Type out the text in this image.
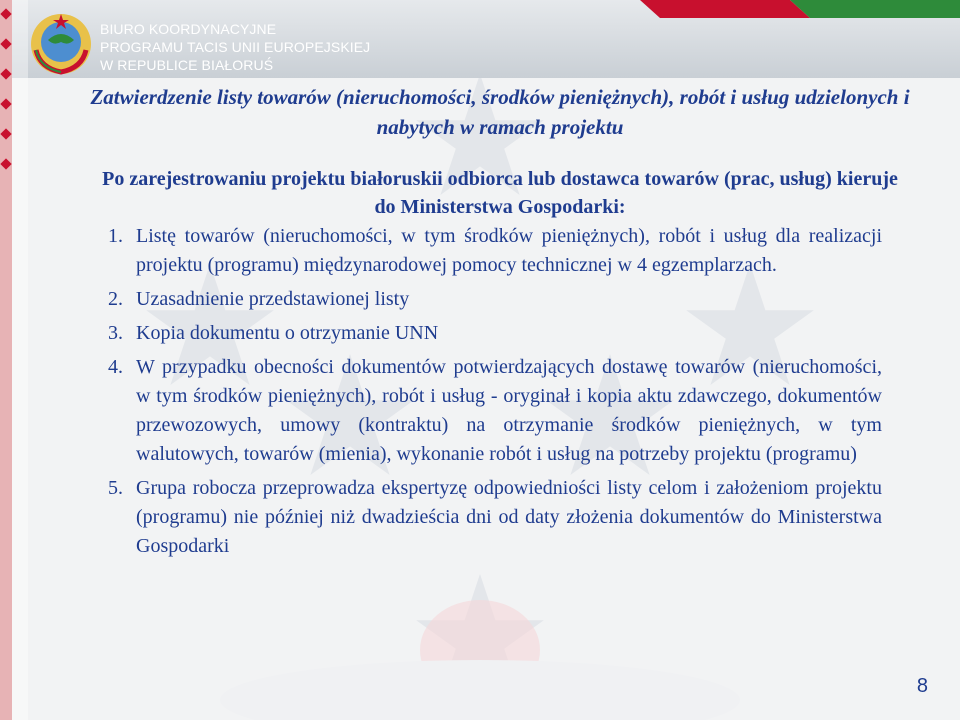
BIURO KOORDYNACYJNE
PROGRAMU TACIS UNII EUROPEJSKIEJ
W REPUBLICE BIAŁORUŚ
Zatwierdzenie listy towarów (nieruchomości, środków pieniężnych), robót i usług udzielonych i nabytych w ramach projektu
Po zarejestrowaniu projektu białoruskii odbiorca lub dostawca towarów (prac, usług) kieruje do Ministerstwa Gospodarki:
1. Listę towarów (nieruchomości, w tym środków pieniężnych), robót i usług dla realizacji projektu (programu) międzynarodowej pomocy technicznej w 4 egzemplarzach.
2. Uzasadnienie przedstawionej listy
3. Kopia dokumentu o otrzymanie UNN
4. W przypadku obecności dokumentów potwierdzających dostawę towarów (nieruchomości, w tym środków pieniężnych), robót i usług - oryginał i kopia aktu zdawczego, dokumentów przewozowych, umowy (kontraktu) na otrzymanie środków pieniężnych, w tym walutowych, towarów (mienia), wykonanie robót i usług na potrzeby projektu (programu)
5. Grupa robocza przeprowadza ekspertyzę odpowiedniości listy celom i założeniom projektu (programu) nie później niż dwadzieścia dni od daty złożenia dokumentów do Ministerstwa Gospodarki
8
